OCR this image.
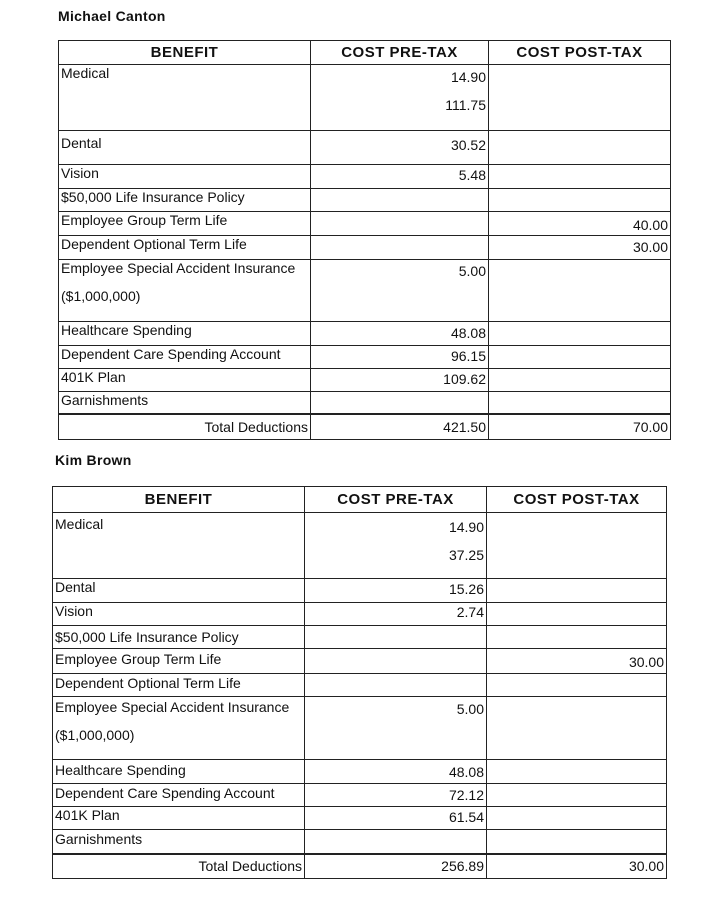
Michael Canton
BENEFIT	COST PRE-TAX	COST POST-TAX
Medical	14.90
111.75	

Dental	30.52	
Vision	5.48	
$50,000 Life Insurance Policy		
Employee Group Term Life		40.00
Dependent Optional Term Life		30.00

Employee Special Accident Insurance
($1,000,000)	5.00	
Healthcare Spending	48.08	
Dependent Care Spending Account	96.15	
401K Plan	109.62	
Garnishments		
Total Deductions	421.50	70.00
Kim Brown
BENEFIT	COST PRE-TAX	COST POST-TAX
Medical	14.90
37.25	

Dental	15.26	
Vision	2.74	
$50,000 Life Insurance Policy		
Employee Group Term Life		30.00
Dependent Optional Term Life		

Employee Special Accident Insurance
($1,000,000)	5.00	
Healthcare Spending	48.08	
Dependent Care Spending Account	72.12	
401K Plan	61.54	
Garnishments		
Total Deductions	256.89	30.00
